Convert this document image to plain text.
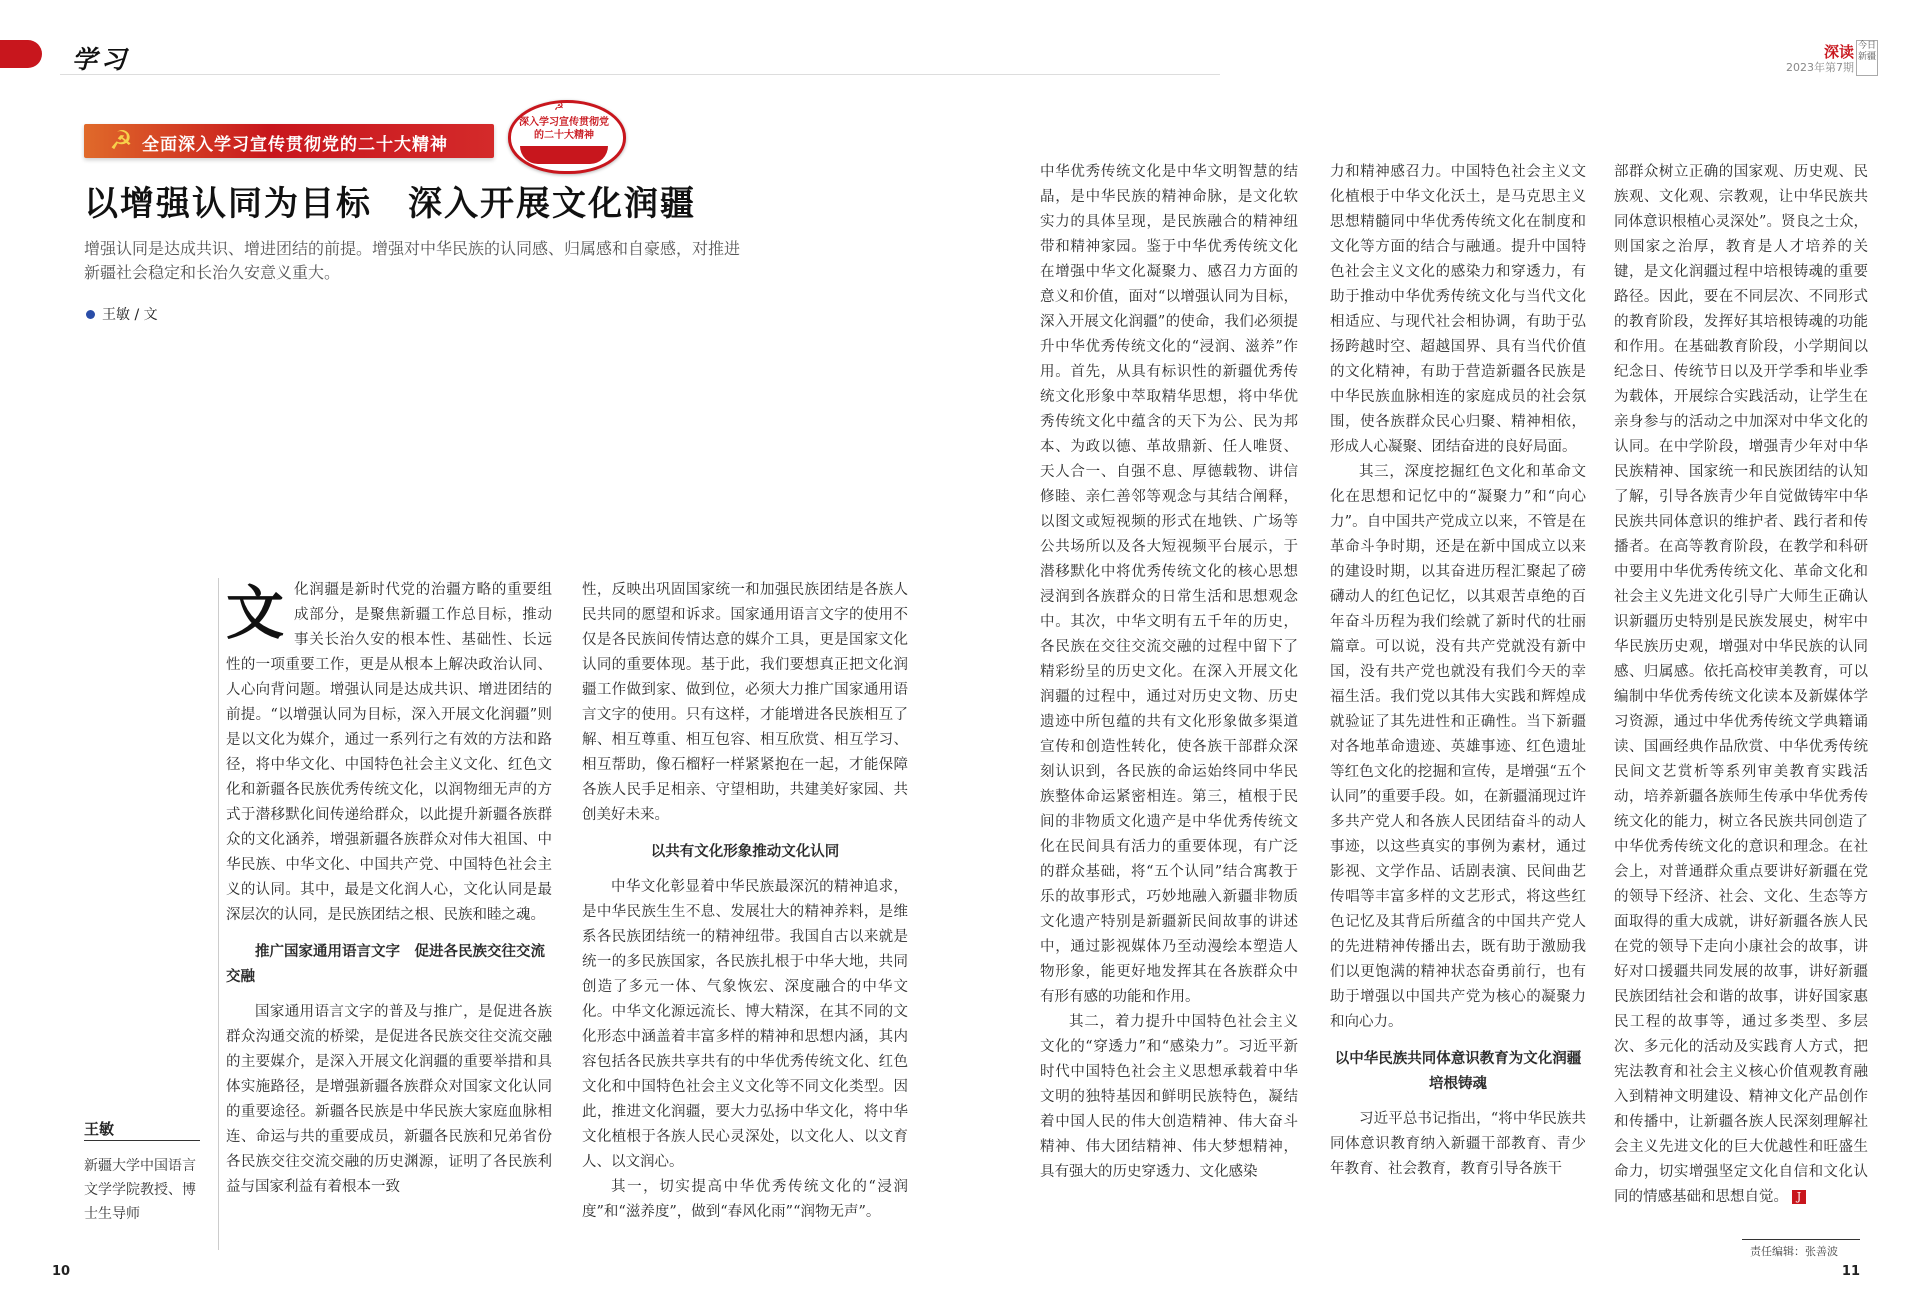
学习	深读
2023年第7期
今日新疆
☭ 全面深入学习宣传贯彻党的二十大精神
☭
深入学习宣传贯彻党的二十大精神
以增强认同为目标　深入开展文化润疆
增强认同是达成共识、增进团结的前提。增强对中华民族的认同感、归属感和自豪感，对推进新疆社会稳定和长治久安意义重大。
王敏 / 文
王敏
新疆大学中国语言文学学院教授、博士生导师
文 化润疆是新时代党的治疆方略的重要组成部分，是聚焦新疆工作总目标，推动事关长治久安的根本性、基础性、长远性的一项重要工作，更是从根本上解决政治认同、人心向背问题。增强认同是达成共识、增进团结的前提。“以增强认同为目标，深入开展文化润疆”则是以文化为媒介，通过一系列行之有效的方法和路径，将中华文化、中国特色社会主义文化、红色文化和新疆各民族优秀传统文化，以润物细无声的方式于潜移默化间传递给群众，以此提升新疆各族群众的文化涵养，增强新疆各族群众对伟大祖国、中华民族、中华文化、中国共产党、中国特色社会主义的认同。其中，最是文化润人心，文化认同是最深层次的认同，是民族团结之根、民族和睦之魂。

推广国家通用语言文字　促进各民族交往交流交融

国家通用语言文字的普及与推广，是促进各族群众沟通交流的桥梁，是促进各民族交往交流交融的主要媒介，是深入开展文化润疆的重要举措和具体实施路径，是增强新疆各族群众对国家文化认同的重要途径。新疆各民族是中华民族大家庭血脉相连、命运与共的重要成员，新疆各民族和兄弟省份各民族交往交流交融的历史渊源，证明了各民族利益与国家利益有着根本一致

性，反映出巩固国家统一和加强民族团结是各族人民共同的愿望和诉求。国家通用语言文字的使用不仅是各民族间传情达意的媒介工具，更是国家文化认同的重要体现。基于此，我们要想真正把文化润疆工作做到家、做到位，必须大力推广国家通用语言文字的使用。只有这样，才能增进各民族相互了解、相互尊重、相互包容、相互欣赏、相互学习、相互帮助，像石榴籽一样紧紧抱在一起，才能保障各族人民手足相亲、守望相助，共建美好家园、共创美好未来。

以共有文化形象推动文化认同

中华文化彰显着中华民族最深沉的精神追求，是中华民族生生不息、发展壮大的精神养料，是维系各民族团结统一的精神纽带。我国自古以来就是统一的多民族国家，各民族扎根于中华大地，共同创造了多元一体、气象恢宏、深度融合的中华文化。中华文化源远流长、博大精深，在其不同的文化形态中涵盖着丰富多样的精神和思想内涵，其内容包括各民族共享共有的中华优秀传统文化、红色文化和中国特色社会主义文化等不同文化类型。因此，推进文化润疆，要大力弘扬中华文化，将中华文化植根于各族人民心灵深处，以文化人、以文育人、以文润心。

其一，切实提高中华优秀传统文化的“浸润度”和“滋养度”，做到“春风化雨”“润物无声”。

中华优秀传统文化是中华文明智慧的结晶，是中华民族的精神命脉，是文化软实力的具体呈现，是民族融合的精神纽带和精神家园。鉴于中华优秀传统文化在增强中华文化凝聚力、感召力方面的意义和价值，面对“以增强认同为目标，深入开展文化润疆”的使命，我们必须提升中华优秀传统文化的“浸润、滋养”作用。首先，从具有标识性的新疆优秀传统文化形象中萃取精华思想，将中华优秀传统文化中蕴含的天下为公、民为邦本、为政以德、革故鼎新、任人唯贤、天人合一、自强不息、厚德载物、讲信修睦、亲仁善邻等观念与其结合阐释，以图文或短视频的形式在地铁、广场等公共场所以及各大短视频平台展示，于潜移默化中将优秀传统文化的核心思想浸润到各族群众的日常生活和思想观念中。其次，中华文明有五千年的历史，各民族在交往交流交融的过程中留下了精彩纷呈的历史文化。在深入开展文化润疆的过程中，通过对历史文物、历史遗迹中所包蕴的共有文化形象做多渠道宣传和创造性转化，使各族干部群众深刻认识到，各民族的命运始终同中华民族整体命运紧密相连。第三，植根于民间的非物质文化遗产是中华优秀传统文化在民间具有活力的重要体现，有广泛的群众基础，将“五个认同”结合寓教于乐的故事形式，巧妙地融入新疆非物质文化遗产特别是新疆新民间故事的讲述中，通过影视媒体乃至动漫绘本塑造人物形象，能更好地发挥其在各族群众中有形有感的功能和作用。

其二，着力提升中国特色社会主义文化的“穿透力”和“感染力”。习近平新时代中国特色社会主义思想承载着中华文明的独特基因和鲜明民族特色，凝结着中国人民的伟大创造精神、伟大奋斗精神、伟大团结精神、伟大梦想精神，具有强大的历史穿透力、文化感染

力和精神感召力。中国特色社会主义文化植根于中华文化沃土，是马克思主义思想精髓同中华优秀传统文化在制度和文化等方面的结合与融通。提升中国特色社会主义文化的感染力和穿透力，有助于推动中华优秀传统文化与当代文化相适应、与现代社会相协调，有助于弘扬跨越时空、超越国界、具有当代价值的文化精神，有助于营造新疆各民族是中华民族血脉相连的家庭成员的社会氛围，使各族群众民心归聚、精神相依，形成人心凝聚、团结奋进的良好局面。

其三，深度挖掘红色文化和革命文化在思想和记忆中的“凝聚力”和“向心力”。自中国共产党成立以来，不管是在革命斗争时期，还是在新中国成立以来的建设时期，以其奋进历程汇聚起了磅礴动人的红色记忆，以其艰苦卓绝的百年奋斗历程为我们绘就了新时代的壮丽篇章。可以说，没有共产党就没有新中国，没有共产党也就没有我们今天的幸福生活。我们党以其伟大实践和辉煌成就验证了其先进性和正确性。当下新疆对各地革命遗迹、英雄事迹、红色遗址等红色文化的挖掘和宣传，是增强“五个认同”的重要手段。如，在新疆涌现过许多共产党人和各族人民团结奋斗的动人事迹，以这些真实的事例为素材，通过影视、文学作品、话剧表演、民间曲艺传唱等丰富多样的文艺形式，将这些红色记忆及其背后所蕴含的中国共产党人的先进精神传播出去，既有助于激励我们以更饱满的精神状态奋勇前行，也有助于增强以中国共产党为核心的凝聚力和向心力。

以中华民族共同体意识教育为文化润疆培根铸魂

习近平总书记指出，“将中华民族共同体意识教育纳入新疆干部教育、青少年教育、社会教育，教育引导各族干

部群众树立正确的国家观、历史观、民族观、文化观、宗教观，让中华民族共同体意识根植心灵深处”。贤良之士众，则国家之治厚，教育是人才培养的关键，是文化润疆过程中培根铸魂的重要路径。因此，要在不同层次、不同形式的教育阶段，发挥好其培根铸魂的功能和作用。在基础教育阶段，小学期间以纪念日、传统节日以及开学季和毕业季为载体，开展综合实践活动，让学生在亲身参与的活动之中加深对中华文化的认同。在中学阶段，增强青少年对中华民族精神、国家统一和民族团结的认知了解，引导各族青少年自觉做铸牢中华民族共同体意识的维护者、践行者和传播者。在高等教育阶段，在教学和科研中要用中华优秀传统文化、革命文化和社会主义先进文化引导广大师生正确认识新疆历史特别是民族发展史，树牢中华民族历史观，增强对中华民族的认同感、归属感。依托高校审美教育，可以编制中华优秀传统文化读本及新媒体学习资源，通过中华优秀传统文学典籍诵读、国画经典作品欣赏、中华优秀传统民间文艺赏析等系列审美教育实践活动，培养新疆各族师生传承中华优秀传统文化的能力，树立各民族共同创造了中华优秀传统文化的意识和理念。在社会上，对普通群众重点要讲好新疆在党的领导下经济、社会、文化、生态等方面取得的重大成就，讲好新疆各族人民在党的领导下走向小康社会的故事，讲好对口援疆共同发展的故事，讲好新疆民族团结社会和谐的故事，讲好国家惠民工程的故事等，通过多类型、多层次、多元化的活动及实践育人方式，把宪法教育和社会主义核心价值观教育融入到精神文明建设、精神文化产品创作和传播中，让新疆各族人民深刻理解社会主义先进文化的巨大优越性和旺盛生命力，切实增强坚定文化自信和文化认同的情感基础和思想自觉。 J

10
责任编辑：张善波
11
